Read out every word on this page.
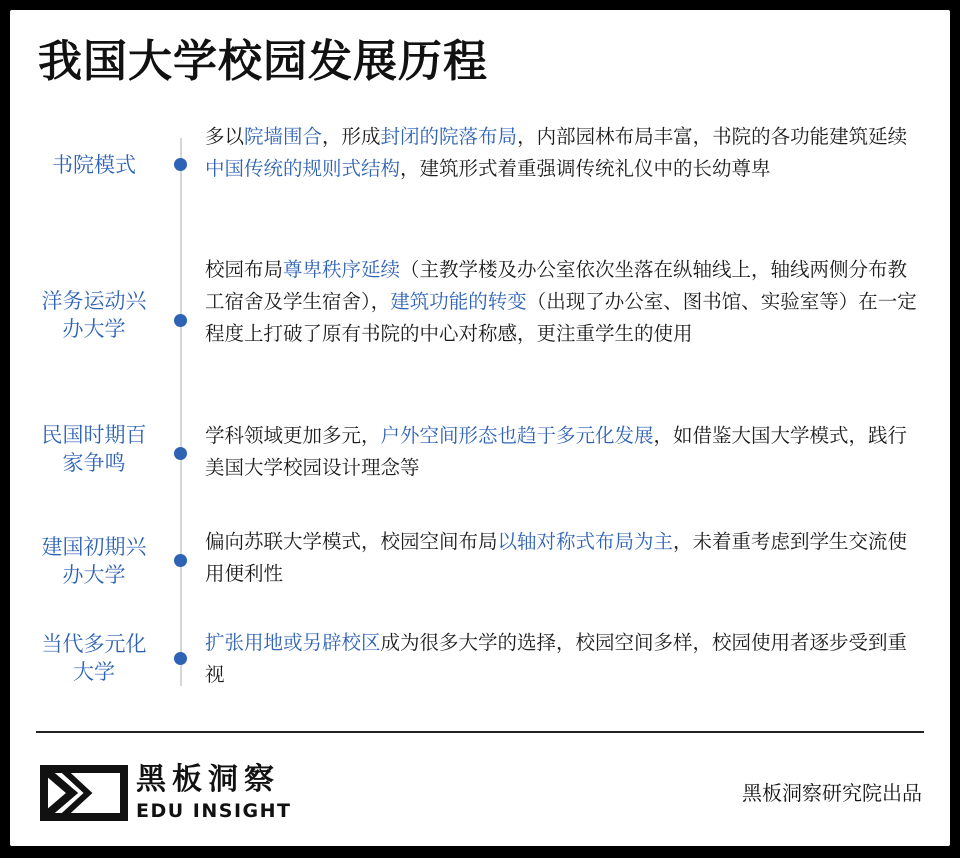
我国大学校园发展历程
书院模式
多以院墙围合，形成封闭的院落布局，内部园林布局丰富，书院的各功能建筑延续中国传统的规则式结构，建筑形式着重强调传统礼仪中的长幼尊卑
洋务运动兴办大学
校园布局尊卑秩序延续（主教学楼及办公室依次坐落在纵轴线上，轴线两侧分布教工宿舍及学生宿舍），建筑功能的转变（出现了办公室、图书馆、实验室等）在一定程度上打破了原有书院的中心对称感，更注重学生的使用
民国时期百家争鸣
学科领域更加多元，户外空间形态也趋于多元化发展，如借鉴大国大学模式，践行美国大学校园设计理念等
建国初期兴办大学
偏向苏联大学模式，校园空间布局以轴对称式布局为主，未着重考虑到学生交流使用便利性
当代多元化大学
扩张用地或另辟校区成为很多大学的选择，校园空间多样，校园使用者逐步受到重视
黑板洞察
EDU INSIGHT
黑板洞察研究院出品
